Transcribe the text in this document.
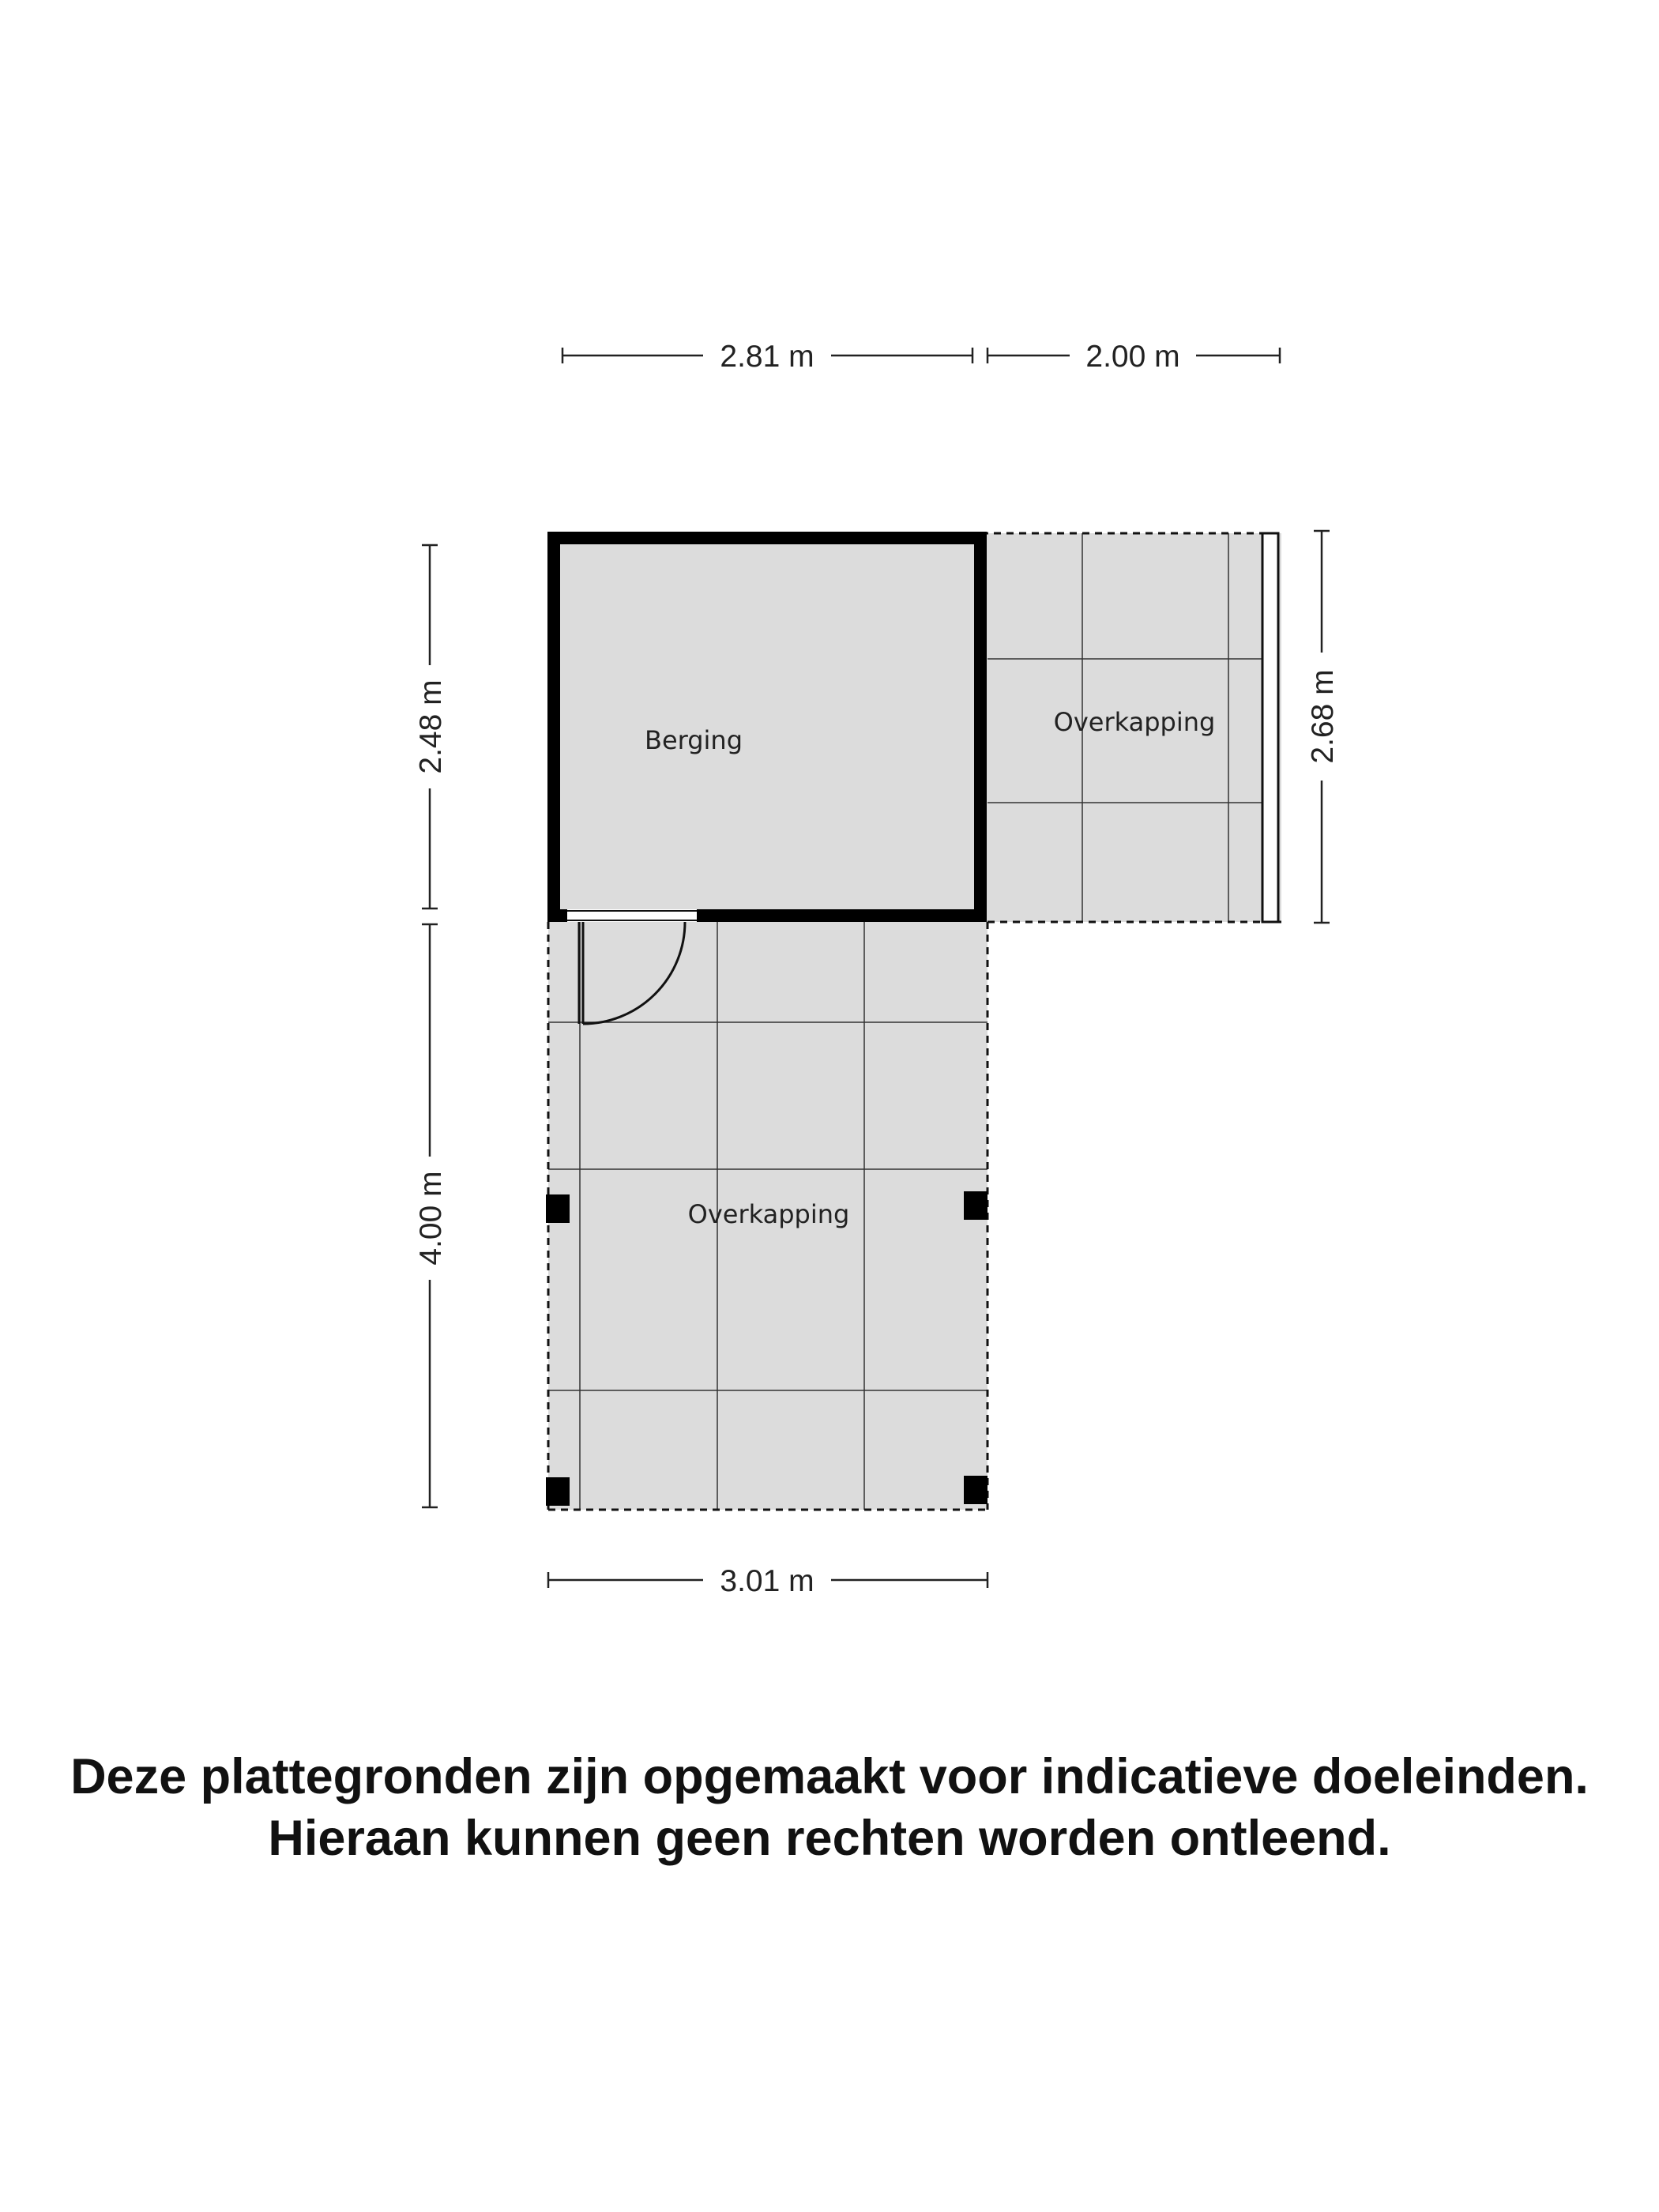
2.81 m	2.00 m
2.48 m
4.00 m
2.68 m
3.01 m
Berging
Overkapping
Overkapping
Deze plattegronden zijn opgemaakt voor indicatieve doeleinden.
Hieraan kunnen geen rechten worden ontleend.
